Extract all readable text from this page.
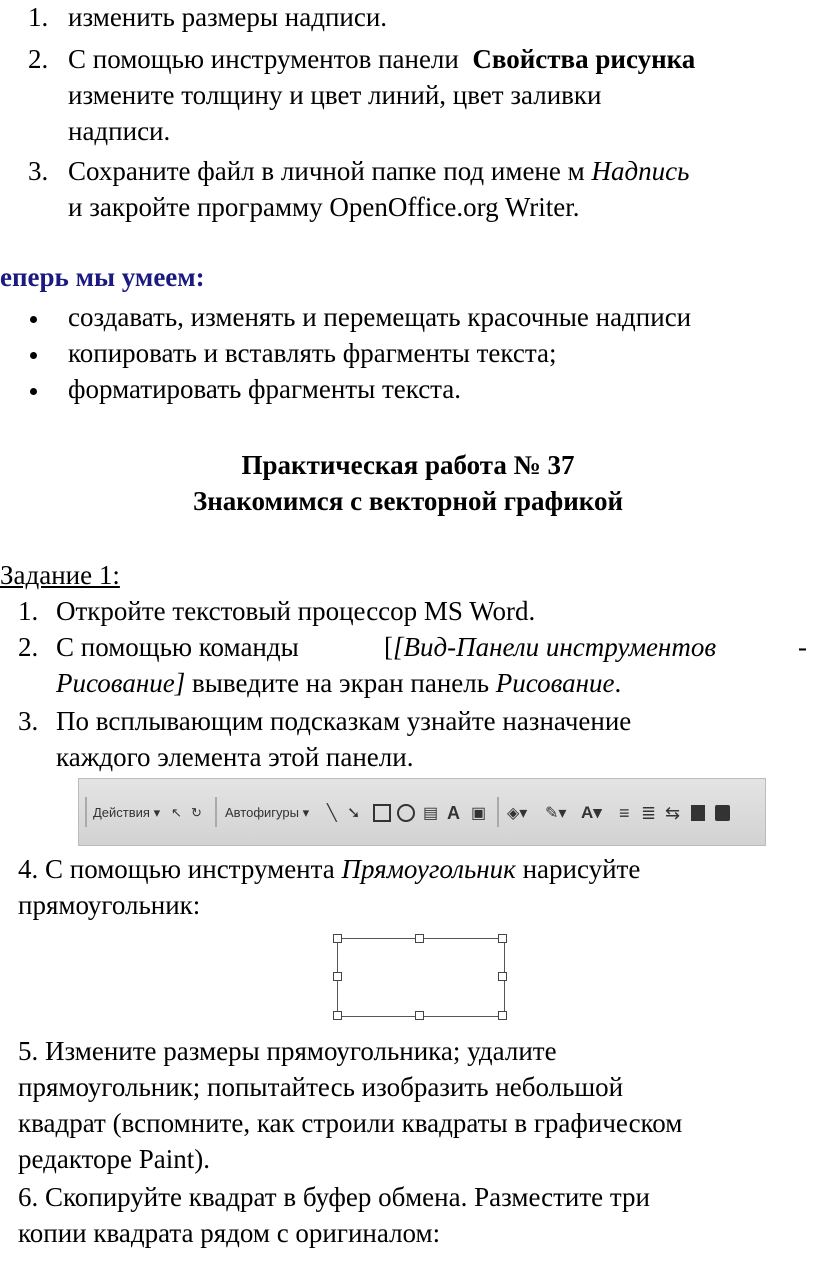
1. изменить размеры надписи.
2. С помощью инструментов панели Свойства рисунка
измените толщину и цвет линий, цвет заливки
надписи.
3. Сохраните файл в личной папке под имене м Надпись
и закройте программу OpenOffice.org Writer.
еперь мы умеем:
создавать, изменять и перемещать красочные надписи
копировать и вставлять фрагменты текста;
форматировать фрагменты текста.
Практическая работа № 37
Знакомимся с векторной графикой
Задание 1:
1. Откройте текстовый процессор MS Word.
2. С помощью команды	[[Вид-Панели инструментов	-
Рисование] выведите на экран панель Рисование.
3. По всплывающим подсказкам узнайте назначение
каждого элемента этой панели.
Действия ▾ ↖ ↻ Автофигуры ▾ ╲ ➘	▤ A ▣ ◈▾ ✎▾ A▾ ≡ ≣ ⇆
4. С помощью инструмента Прямоугольник нарисуйте
прямоугольник:
5. Измените размеры прямоугольника; удалите
прямоугольник; попытайтесь изобразить небольшой
квадрат (вспомните, как строили квадраты в графическом
редакторе Paint).
6. Скопируйте квадрат в буфер обмена. Разместите три
копии квадрата рядом с оригиналом:
